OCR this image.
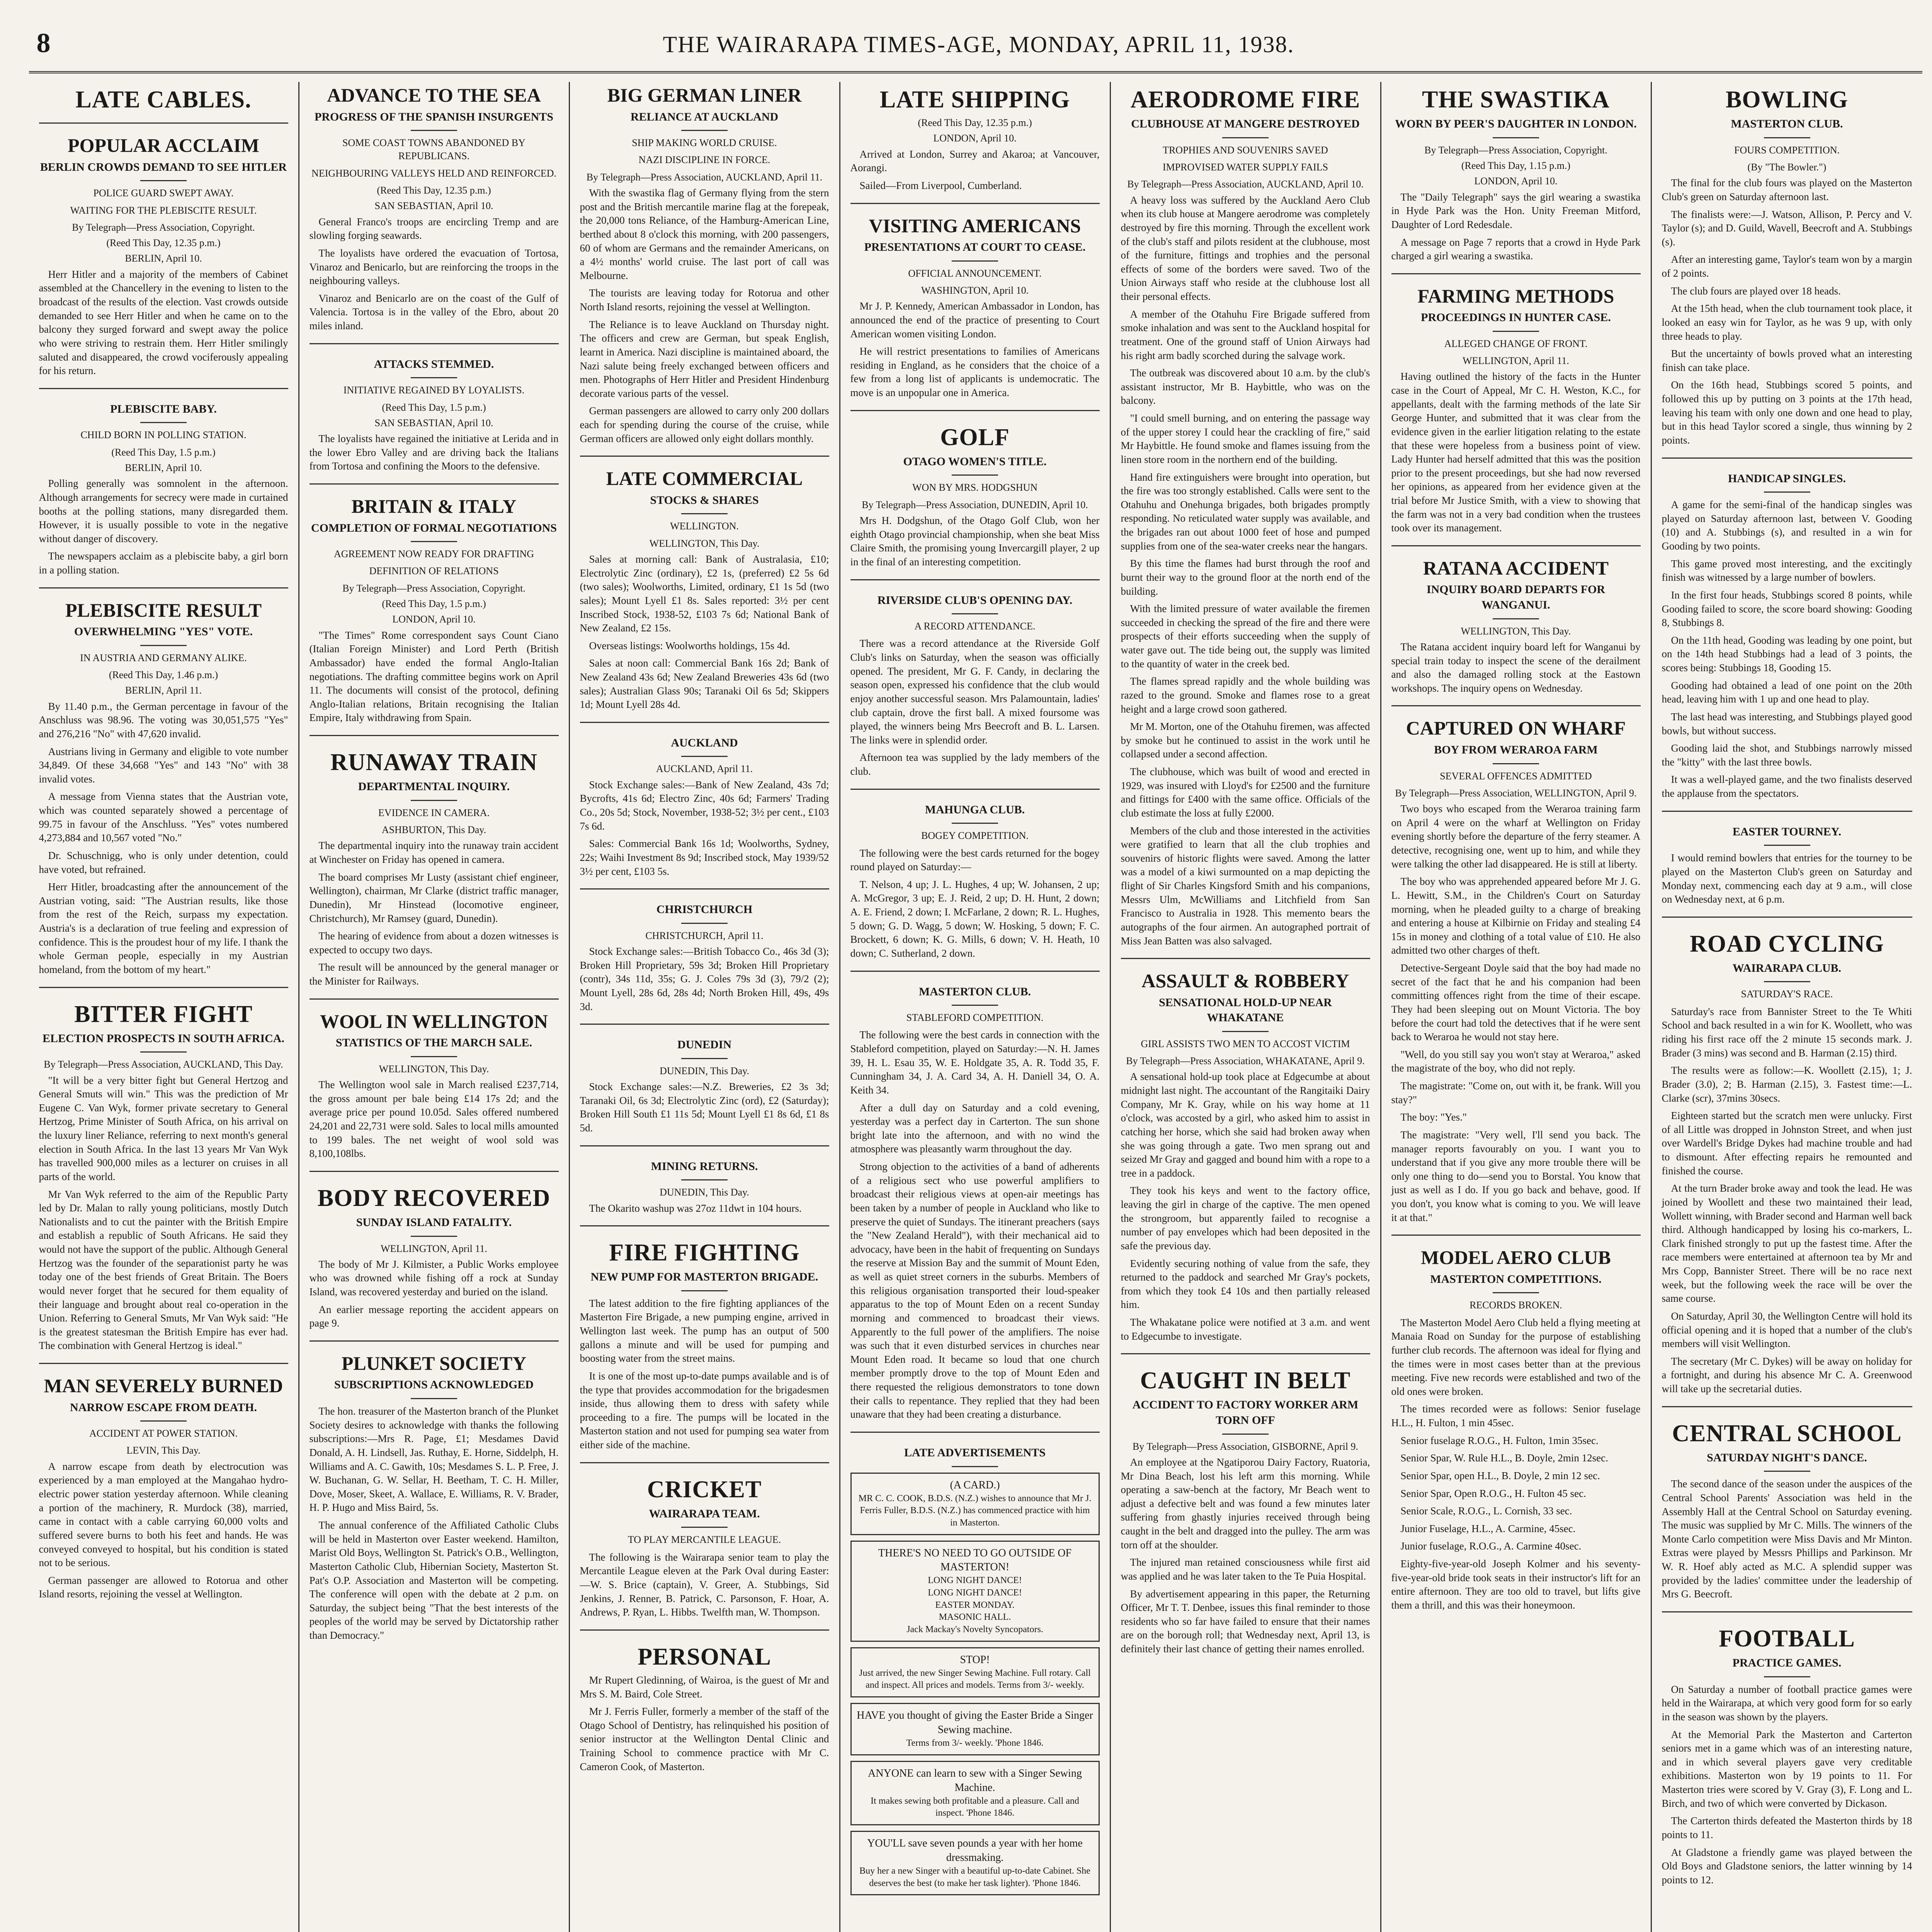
8	THE WAIRARAPA TIMES-AGE, MONDAY, APRIL 11, 1938.
LATE CABLES.
POPULAR ACCLAIM
BERLIN CROWDS DEMAND TO SEE HITLER
POLICE GUARD SWEPT AWAY.
WAITING FOR THE PLEBISCITE RESULT.
By Telegraph—Press Association, Copyright.
(Reed This Day, 12.35 p.m.)
BERLIN, April 10.

Herr Hitler and a majority of the members of Cabinet assembled at the Chancellery in the evening to listen to the broadcast of the results of the election. Vast crowds outside demanded to see Herr Hitler and when he came on to the balcony they surged forward and swept away the police who were striving to restrain them. Herr Hitler smilingly saluted and disappeared, the crowd vociferously appealing for his return.

PLEBISCITE BABY.
CHILD BORN IN POLLING STATION.
(Reed This Day, 1.5 p.m.)
BERLIN, April 10.

Polling generally was somnolent in the afternoon. Although arrangements for secrecy were made in curtained booths at the polling stations, many disregarded them. However, it is usually possible to vote in the negative without danger of discovery.

The newspapers acclaim as a plebiscite baby, a girl born in a polling station.

PLEBISCITE RESULT
OVERWHELMING "YES" VOTE.
IN AUSTRIA AND GERMANY ALIKE.
(Reed This Day, 1.46 p.m.)
BERLIN, April 11.

By 11.40 p.m., the German percentage in favour of the Anschluss was 98.96. The voting was 30,051,575 "Yes" and 276,216 "No" with 47,620 invalid.

Austrians living in Germany and eligible to vote number 34,849. Of these 34,668 "Yes" and 143 "No" with 38 invalid votes.

A message from Vienna states that the Austrian vote, which was counted separately showed a percentage of 99.75 in favour of the Anschluss. "Yes" votes numbered 4,273,884 and 10,567 voted "No."

Dr. Schuschnigg, who is only under detention, could have voted, but refrained.

Herr Hitler, broadcasting after the announcement of the Austrian voting, said: "The Austrian results, like those from the rest of the Reich, surpass my expectation. Austria's is a declaration of true feeling and expression of confidence. This is the proudest hour of my life. I thank the whole German people, especially in my Austrian homeland, from the bottom of my heart."

BITTER FIGHT
ELECTION PROSPECTS IN SOUTH AFRICA.
By Telegraph—Press Association, AUCKLAND, This Day.

"It will be a very bitter fight but General Hertzog and General Smuts will win." This was the prediction of Mr Eugene C. Van Wyk, former private secretary to General Hertzog, Prime Minister of South Africa, on his arrival on the luxury liner Reliance, referring to next month's general election in South Africa. In the last 13 years Mr Van Wyk has travelled 900,000 miles as a lecturer on cruises in all parts of the world.

Mr Van Wyk referred to the aim of the Republic Party led by Dr. Malan to rally young politicians, mostly Dutch Nationalists and to cut the painter with the British Empire and establish a republic of South Africans. He said they would not have the support of the public. Although General Hertzog was the founder of the separationist party he was today one of the best friends of Great Britain. The Boers would never forget that he secured for them equality of their language and brought about real co-operation in the Union. Referring to General Smuts, Mr Van Wyk said: "He is the greatest statesman the British Empire has ever had. The combination with General Hertzog is ideal."

MAN SEVERELY BURNED
NARROW ESCAPE FROM DEATH.
ACCIDENT AT POWER STATION.
LEVIN, This Day.

A narrow escape from death by electrocution was experienced by a man employed at the Mangahao hydro-electric power station yesterday afternoon. While cleaning a portion of the machinery, R. Murdock (38), married, came in contact with a cable carrying 60,000 volts and suffered severe burns to both his feet and hands. He was conveyed conveyed to hospital, but his condition is stated not to be serious.

German passenger are allowed to Rotorua and other Island resorts, rejoining the vessel at Wellington.

ADVANCE TO THE SEA
PROGRESS OF THE SPANISH INSURGENTS
SOME COAST TOWNS ABANDONED BY REPUBLICANS.
NEIGHBOURING VALLEYS HELD AND REINFORCED.
(Reed This Day, 12.35 p.m.)
SAN SEBASTIAN, April 10.

General Franco's troops are encircling Tremp and are slowling forging seawards.

The loyalists have ordered the evacuation of Tortosa, Vinaroz and Benicarlo, but are reinforcing the troops in the neighbouring valleys.

Vinaroz and Benicarlo are on the coast of the Gulf of Valencia. Tortosa is in the valley of the Ebro, about 20 miles inland.

ATTACKS STEMMED.
INITIATIVE REGAINED BY LOYALISTS.
(Reed This Day, 1.5 p.m.)
SAN SEBASTIAN, April 10.

The loyalists have regained the initiative at Lerida and in the lower Ebro Valley and are driving back the Italians from Tortosa and confining the Moors to the defensive.

BRITAIN & ITALY
COMPLETION OF FORMAL NEGOTIATIONS
AGREEMENT NOW READY FOR DRAFTING
DEFINITION OF RELATIONS
By Telegraph—Press Association, Copyright.
(Reed This Day, 1.5 p.m.)
LONDON, April 10.

"The Times" Rome correspondent says Count Ciano (Italian Foreign Minister) and Lord Perth (British Ambassador) have ended the formal Anglo-Italian negotiations. The drafting committee begins work on April 11. The documents will consist of the protocol, defining Anglo-Italian relations, Britain recognising the Italian Empire, Italy withdrawing from Spain.

RUNAWAY TRAIN
DEPARTMENTAL INQUIRY.
EVIDENCE IN CAMERA.
ASHBURTON, This Day.

The departmental inquiry into the runaway train accident at Winchester on Friday has opened in camera.

The board comprises Mr Lusty (assistant chief engineer, Wellington), chairman, Mr Clarke (district traffic manager, Dunedin), Mr Hinstead (locomotive engineer, Christchurch), Mr Ramsey (guard, Dunedin).

The hearing of evidence from about a dozen witnesses is expected to occupy two days.

The result will be announced by the general manager or the Minister for Railways.

WOOL IN WELLINGTON
STATISTICS OF THE MARCH SALE.
WELLINGTON, This Day.

The Wellington wool sale in March realised £237,714, the gross amount per bale being £14 17s 2d; and the average price per pound 10.05d. Sales offered numbered 24,201 and 22,731 were sold. Sales to local mills amounted to 199 bales. The net weight of wool sold was 8,100,108lbs.

BODY RECOVERED
SUNDAY ISLAND FATALITY.
WELLINGTON, April 11.

The body of Mr J. Kilmister, a Public Works employee who was drowned while fishing off a rock at Sunday Island, was recovered yesterday and buried on the island.

An earlier message reporting the accident appears on page 9.

PLUNKET SOCIETY
SUBSCRIPTIONS ACKNOWLEDGED

The hon. treasurer of the Masterton branch of the Plunket Society desires to acknowledge with thanks the following subscriptions:—Mrs R. Page, £1; Mesdames David Donald, A. H. Lindsell, Jas. Ruthay, E. Horne, Siddelph, H. Williams and A. C. Gawith, 10s; Mesdames S. L. P. Free, J. W. Buchanan, G. W. Sellar, H. Beetham, T. C. H. Miller, Dove, Moser, Skeet, A. Wallace, E. Williams, R. V. Brader, H. P. Hugo and Miss Baird, 5s.

The annual conference of the Affiliated Catholic Clubs will be held in Masterton over Easter weekend. Hamilton, Marist Old Boys, Wellington St. Patrick's O.B., Wellington, Masterton Catholic Club, Hibernian Society, Masterton St. Pat's O.P. Association and Masterton will be competing. The conference will open with the debate at 2 p.m. on Saturday, the subject being "That the best interests of the peoples of the world may be served by Dictatorship rather than Democracy."

BIG GERMAN LINER
RELIANCE AT AUCKLAND
SHIP MAKING WORLD CRUISE.
NAZI DISCIPLINE IN FORCE.
By Telegraph—Press Association, AUCKLAND, April 11.

With the swastika flag of Germany flying from the stern post and the British mercantile marine flag at the forepeak, the 20,000 tons Reliance, of the Hamburg-American Line, berthed about 8 o'clock this morning, with 200 passengers, 60 of whom are Germans and the remainder Americans, on a 4½ months' world cruise. The last port of call was Melbourne.

The tourists are leaving today for Rotorua and other North Island resorts, rejoining the vessel at Wellington.

The Reliance is to leave Auckland on Thursday night. The officers and crew are German, but speak English, learnt in America. Nazi discipline is maintained aboard, the Nazi salute being freely exchanged between officers and men. Photographs of Herr Hitler and President Hindenburg decorate various parts of the vessel.

German passengers are allowed to carry only 200 dollars each for spending during the course of the cruise, while German officers are allowed only eight dollars monthly.

LATE COMMERCIAL
STOCKS & SHARES
WELLINGTON.
WELLINGTON, This Day.

Sales at morning call: Bank of Australasia, £10; Electrolytic Zinc (ordinary), £2 1s, (preferred) £2 5s 6d (two sales); Woolworths, Limited, ordinary, £1 1s 5d (two sales); Mount Lyell £1 8s. Sales reported: 3½ per cent Inscribed Stock, 1938-52, £103 7s 6d; National Bank of New Zealand, £2 15s.

Overseas listings: Woolworths holdings, 15s 4d.

Sales at noon call: Commercial Bank 16s 2d; Bank of New Zealand 43s 6d; New Zealand Breweries 43s 6d (two sales); Australian Glass 90s; Taranaki Oil 6s 5d; Skippers 1d; Mount Lyell 28s 4d.

AUCKLAND
AUCKLAND, April 11.

Stock Exchange sales:—Bank of New Zealand, 43s 7d; Bycrofts, 41s 6d; Electro Zinc, 40s 6d; Farmers' Trading Co., 20s 5d; Stock, November, 1938-52; 3½ per cent., £103 7s 6d.

Sales: Commercial Bank 16s 1d; Woolworths, Sydney, 22s; Waihi Investment 8s 9d; Inscribed stock, May 1939/52 3½ per cent, £103 5s.

CHRISTCHURCH
CHRISTCHURCH, April 11.

Stock Exchange sales:—British Tobacco Co., 46s 3d (3); Broken Hill Proprietary, 59s 3d; Broken Hill Proprietary (contr), 34s 11d, 35s; G. J. Coles 79s 3d (3), 79/2 (2); Mount Lyell, 28s 6d, 28s 4d; North Broken Hill, 49s, 49s 3d.

DUNEDIN
DUNEDIN, This Day.

Stock Exchange sales:—N.Z. Breweries, £2 3s 3d; Taranaki Oil, 6s 3d; Electrolytic Zinc (ord), £2 (Saturday); Broken Hill South £1 11s 5d; Mount Lyell £1 8s 6d, £1 8s 5d.

MINING RETURNS.
DUNEDIN, This Day.

The Okarito washup was 27oz 11dwt in 104 hours.

FIRE FIGHTING
NEW PUMP FOR MASTERTON BRIGADE.

The latest addition to the fire fighting appliances of the Masterton Fire Brigade, a new pumping engine, arrived in Wellington last week. The pump has an output of 500 gallons a minute and will be used for pumping and boosting water from the street mains.

It is one of the most up-to-date pumps available and is of the type that provides accommodation for the brigadesmen inside, thus allowing them to dress with safety while proceeding to a fire. The pumps will be located in the Masterton station and not used for pumping sea water from either side of the machine.

CRICKET
WAIRARAPA TEAM.
TO PLAY MERCANTILE LEAGUE.

The following is the Wairarapa senior team to play the Mercantile League eleven at the Park Oval during Easter:—W. S. Brice (captain), V. Greer, A. Stubbings, Sid Jenkins, J. Renner, B. Patrick, C. Parsonson, F. Hoar, A. Andrews, P. Ryan, L. Hibbs. Twelfth man, W. Thompson.

PERSONAL

Mr Rupert Gledinning, of Wairoa, is the guest of Mr and Mrs S. M. Baird, Cole Street.

Mr J. Ferris Fuller, formerly a member of the staff of the Otago School of Dentistry, has relinquished his position of senior instructor at the Wellington Dental Clinic and Training School to commence practice with Mr C. Cameron Cook, of Masterton.

LATE SHIPPING
(Reed This Day, 12.35 p.m.)
LONDON, April 10.

Arrived at London, Surrey and Akaroa; at Vancouver, Aorangi.

Sailed—From Liverpool, Cumberland.

VISITING AMERICANS
PRESENTATIONS AT COURT TO CEASE.
OFFICIAL ANNOUNCEMENT.
WASHINGTON, April 10.

Mr J. P. Kennedy, American Ambassador in London, has announced the end of the practice of presenting to Court American women visiting London.

He will restrict presentations to families of Americans residing in England, as he considers that the choice of a few from a long list of applicants is undemocratic. The move is an unpopular one in America.

GOLF
OTAGO WOMEN'S TITLE.
WON BY MRS. HODGSHUN
By Telegraph—Press Association, DUNEDIN, April 10.

Mrs H. Dodgshun, of the Otago Golf Club, won her eighth Otago provincial championship, when she beat Miss Claire Smith, the promising young Invercargill player, 2 up in the final of an interesting competition.

RIVERSIDE CLUB'S OPENING DAY.
A RECORD ATTENDANCE.

There was a record attendance at the Riverside Golf Club's links on Saturday, when the season was officially opened. The president, Mr G. F. Candy, in declaring the season open, expressed his confidence that the club would enjoy another successful season. Mrs Palamountain, ladies' club captain, drove the first ball. A mixed foursome was played, the winners being Mrs Beecroft and B. L. Larsen. The links were in splendid order.

Afternoon tea was supplied by the lady members of the club.

MAHUNGA CLUB.
BOGEY COMPETITION.

The following were the best cards returned for the bogey round played on Saturday:—

T. Nelson, 4 up; J. L. Hughes, 4 up; W. Johansen, 2 up; A. McGregor, 3 up; E. J. Reid, 2 up; D. H. Hunt, 2 down; A. E. Friend, 2 down; I. McFarlane, 2 down; R. L. Hughes, 5 down; G. D. Wagg, 5 down; W. Hosking, 5 down; F. C. Brockett, 6 down; K. G. Mills, 6 down; V. H. Heath, 10 down; C. Sutherland, 2 down.

MASTERTON CLUB.
STABLEFORD COMPETITION.

The following were the best cards in connection with the Stableford competition, played on Saturday:—N. H. James 39, H. L. Esau 35, W. E. Holdgate 35, A. R. Todd 35, F. Cunningham 34, J. A. Card 34, A. H. Daniell 34, O. A. Keith 34.

After a dull day on Saturday and a cold evening, yesterday was a perfect day in Carterton. The sun shone bright late into the afternoon, and with no wind the atmosphere was pleasantly warm throughout the day.

Strong objection to the activities of a band of adherents of a religious sect who use powerful amplifiers to broadcast their religious views at open-air meetings has been taken by a number of people in Auckland who like to preserve the quiet of Sundays. The itinerant preachers (says the "New Zealand Herald"), with their mechanical aid to advocacy, have been in the habit of frequenting on Sundays the reserve at Mission Bay and the summit of Mount Eden, as well as quiet street corners in the suburbs. Members of this religious organisation transported their loud-speaker apparatus to the top of Mount Eden on a recent Sunday morning and commenced to broadcast their views. Apparently to the full power of the amplifiers. The noise was such that it even disturbed services in churches near Mount Eden road. It became so loud that one church member promptly drove to the top of Mount Eden and there requested the religious demonstrators to tone down their calls to repentance. They replied that they had been unaware that they had been creating a disturbance.

LATE ADVERTISEMENTS
(A CARD.)
MR C. C. COOK, B.D.S. (N.Z.) wishes to announce that Mr J. Ferris Fuller, B.D.S. (N.Z.) has commenced practice with him in Masterton.
THERE'S NO NEED TO GO OUTSIDE OF MASTERTON!
LONG NIGHT DANCE!
LONG NIGHT DANCE!
EASTER MONDAY.
MASONIC HALL.
Jack Mackay's Novelty Syncopators.
STOP!
Just arrived, the new Singer Sewing Machine. Full rotary. Call and inspect. All prices and models. Terms from 3/- weekly.
HAVE you thought of giving the Easter Bride a Singer Sewing machine.
Terms from 3/- weekly. 'Phone 1846.
ANYONE can learn to sew with a Singer Sewing Machine.
It makes sewing both profitable and a pleasure. Call and inspect. 'Phone 1846.
YOU'LL save seven pounds a year with her home dressmaking.
Buy her a new Singer with a beautiful up-to-date Cabinet. She deserves the best (to make her task lighter). 'Phone 1846.
AERODROME FIRE
CLUBHOUSE AT MANGERE DESTROYED
TROPHIES AND SOUVENIRS SAVED
IMPROVISED WATER SUPPLY FAILS
By Telegraph—Press Association, AUCKLAND, April 10.

A heavy loss was suffered by the Auckland Aero Club when its club house at Mangere aerodrome was completely destroyed by fire this morning. Through the excellent work of the club's staff and pilots resident at the clubhouse, most of the furniture, fittings and trophies and the personal effects of some of the borders were saved. Two of the Union Airways staff who reside at the clubhouse lost all their personal effects.

A member of the Otahuhu Fire Brigade suffered from smoke inhalation and was sent to the Auckland hospital for treatment. One of the ground staff of Union Airways had his right arm badly scorched during the salvage work.

The outbreak was discovered about 10 a.m. by the club's assistant instructor, Mr B. Haybittle, who was on the balcony.

"I could smell burning, and on entering the passage way of the upper storey I could hear the crackling of fire," said Mr Haybittle. He found smoke and flames issuing from the linen store room in the northern end of the building.

Hand fire extinguishers were brought into operation, but the fire was too strongly established. Calls were sent to the Otahuhu and Onehunga brigades, both brigades promptly responding. No reticulated water supply was available, and the brigades ran out about 1000 feet of hose and pumped supplies from one of the sea-water creeks near the hangars.

By this time the flames had burst through the roof and burnt their way to the ground floor at the north end of the building.

With the limited pressure of water available the firemen succeeded in checking the spread of the fire and there were prospects of their efforts succeeding when the supply of water gave out. The tide being out, the supply was limited to the quantity of water in the creek bed.

The flames spread rapidly and the whole building was razed to the ground. Smoke and flames rose to a great height and a large crowd soon gathered.

Mr M. Morton, one of the Otahuhu firemen, was affected by smoke but he continued to assist in the work until he collapsed under a second affection.

The clubhouse, which was built of wood and erected in 1929, was insured with Lloyd's for £2500 and the furniture and fittings for £400 with the same office. Officials of the club estimate the loss at fully £2000.

Members of the club and those interested in the activities were gratified to learn that all the club trophies and souvenirs of historic flights were saved. Among the latter was a model of a kiwi surmounted on a map depicting the flight of Sir Charles Kingsford Smith and his companions, Messrs Ulm, McWilliams and Litchfield from San Francisco to Australia in 1928. This memento bears the autographs of the four airmen. An autographed portrait of Miss Jean Batten was also salvaged.

ASSAULT & ROBBERY
SENSATIONAL HOLD-UP NEAR WHAKATANE
GIRL ASSISTS TWO MEN TO ACCOST VICTIM
By Telegraph—Press Association, WHAKATANE, April 9.

A sensational hold-up took place at Edgecumbe at about midnight last night. The accountant of the Rangitaiki Dairy Company, Mr K. Gray, while on his way home at 11 o'clock, was accosted by a girl, who asked him to assist in catching her horse, which she said had broken away when she was going through a gate. Two men sprang out and seized Mr Gray and gagged and bound him with a rope to a tree in a paddock.

They took his keys and went to the factory office, leaving the girl in charge of the captive. The men opened the strongroom, but apparently failed to recognise a number of pay envelopes which had been deposited in the safe the previous day.

Evidently securing nothing of value from the safe, they returned to the paddock and searched Mr Gray's pockets, from which they took £4 10s and then partially released him.

The Whakatane police were notified at 3 a.m. and went to Edgecumbe to investigate.

CAUGHT IN BELT
ACCIDENT TO FACTORY WORKER ARM TORN OFF
By Telegraph—Press Association, GISBORNE, April 9.

An employee at the Ngatiporou Dairy Factory, Ruatoria, Mr Dina Beach, lost his left arm this morning. While operating a saw-bench at the factory, Mr Beach went to adjust a defective belt and was found a few minutes later suffering from ghastly injuries received through being caught in the belt and dragged into the pulley. The arm was torn off at the shoulder.

The injured man retained consciousness while first aid was applied and he was later taken to the Te Puia Hospital.

By advertisement appearing in this paper, the Returning Officer, Mr T. T. Denbee, issues this final reminder to those residents who so far have failed to ensure that their names are on the borough roll; that Wednesday next, April 13, is definitely their last chance of getting their names enrolled.

THE SWASTIKA
WORN BY PEER'S DAUGHTER IN LONDON.
By Telegraph—Press Association, Copyright.
(Reed This Day, 1.15 p.m.)
LONDON, April 10.

The "Daily Telegraph" says the girl wearing a swastika in Hyde Park was the Hon. Unity Freeman Mitford, Daughter of Lord Redesdale.

A message on Page 7 reports that a crowd in Hyde Park charged a girl wearing a swastika.

FARMING METHODS
PROCEEDINGS IN HUNTER CASE.
ALLEGED CHANGE OF FRONT.
WELLINGTON, April 11.

Having outlined the history of the facts in the Hunter case in the Court of Appeal, Mr C. H. Weston, K.C., for appellants, dealt with the farming methods of the late Sir George Hunter, and submitted that it was clear from the evidence given in the earlier litigation relating to the estate that these were hopeless from a business point of view. Lady Hunter had herself admitted that this was the position prior to the present proceedings, but she had now reversed her opinions, as appeared from her evidence given at the trial before Mr Justice Smith, with a view to showing that the farm was not in a very bad condition when the trustees took over its management.

RATANA ACCIDENT
INQUIRY BOARD DEPARTS FOR WANGANUI.
WELLINGTON, This Day.

The Ratana accident inquiry board left for Wanganui by special train today to inspect the scene of the derailment and also the damaged rolling stock at the Eastown workshops. The inquiry opens on Wednesday.

CAPTURED ON WHARF
BOY FROM WERAROA FARM
SEVERAL OFFENCES ADMITTED
By Telegraph—Press Association, WELLINGTON, April 9.

Two boys who escaped from the Weraroa training farm on April 4 were on the wharf at Wellington on Friday evening shortly before the departure of the ferry steamer. A detective, recognising one, went up to him, and while they were talking the other lad disappeared. He is still at liberty.

The boy who was apprehended appeared before Mr J. G. L. Hewitt, S.M., in the Children's Court on Saturday morning, when he pleaded guilty to a charge of breaking and entering a house at Kilbirnie on Friday and stealing £4 15s in money and clothing of a total value of £10. He also admitted two other charges of theft.

Detective-Sergeant Doyle said that the boy had made no secret of the fact that he and his companion had been committing offences right from the time of their escape. They had been sleeping out on Mount Victoria. The boy before the court had told the detectives that if he were sent back to Weraroa he would not stay here.

"Well, do you still say you won't stay at Weraroa," asked the magistrate of the boy, who did not reply.

The magistrate: "Come on, out with it, be frank. Will you stay?"

The boy: "Yes."

The magistrate: "Very well, I'll send you back. The manager reports favourably on you. I want you to understand that if you give any more trouble there will be only one thing to do—send you to Borstal. You know that just as well as I do. If you go back and behave, good. If you don't, you know what is coming to you. We will leave it at that."

MODEL AERO CLUB
MASTERTON COMPETITIONS.
RECORDS BROKEN.

The Masterton Model Aero Club held a flying meeting at Manaia Road on Sunday for the purpose of establishing further club records. The afternoon was ideal for flying and the times were in most cases better than at the previous meeting. Five new records were established and two of the old ones were broken.

The times recorded were as follows: Senior fuselage H.L., H. Fulton, 1 min 45sec.

Senior fuselage R.O.G., H. Fulton, 1min 35sec.

Senior Spar, W. Rule H.L., B. Doyle, 2min 12sec.

Senior Spar, open H.L., B. Doyle, 2 min 12 sec.

Senior Spar, Open R.O.G., H. Fulton 45 sec.

Senior Scale, R.O.G., L. Cornish, 33 sec.

Junior Fuselage, H.L., A. Carmine, 45sec.

Junior fuselage, R.O.G., A. Carmine 40sec.

Eighty-five-year-old Joseph Kolmer and his seventy-five-year-old bride took seats in their instructor's lift for an entire afternoon. They are too old to travel, but lifts give them a thrill, and this was their honeymoon.

BOWLING
MASTERTON CLUB.
FOURS COMPETITION.
(By "The Bowler.")

The final for the club fours was played on the Masterton Club's green on Saturday afternoon last.

The finalists were:—J. Watson, Allison, P. Percy and V. Taylor (s); and D. Guild, Wavell, Beecroft and A. Stubbings (s).

After an interesting game, Taylor's team won by a margin of 2 points.

The club fours are played over 18 heads.

At the 15th head, when the club tournament took place, it looked an easy win for Taylor, as he was 9 up, with only three heads to play.

But the uncertainty of bowls proved what an interesting finish can take place.

On the 16th head, Stubbings scored 5 points, and followed this up by putting on 3 points at the 17th head, leaving his team with only one down and one head to play, but in this head Taylor scored a single, thus winning by 2 points.

HANDICAP SINGLES.

A game for the semi-final of the handicap singles was played on Saturday afternoon last, between V. Gooding (10) and A. Stubbings (s), and resulted in a win for Gooding by two points.

This game proved most interesting, and the excitingly finish was witnessed by a large number of bowlers.

In the first four heads, Stubbings scored 8 points, while Gooding failed to score, the score board showing: Gooding 8, Stubbings 8.

On the 11th head, Gooding was leading by one point, but on the 14th head Stubbings had a lead of 3 points, the scores being: Stubbings 18, Gooding 15.

Gooding had obtained a lead of one point on the 20th head, leaving him with 1 up and one head to play.

The last head was interesting, and Stubbings played good bowls, but without success.

Gooding laid the shot, and Stubbings narrowly missed the "kitty" with the last three bowls.

It was a well-played game, and the two finalists deserved the applause from the spectators.

EASTER TOURNEY.

I would remind bowlers that entries for the tourney to be played on the Masterton Club's green on Saturday and Monday next, commencing each day at 9 a.m., will close on Wednesday next, at 6 p.m.

ROAD CYCLING
WAIRARAPA CLUB.
SATURDAY'S RACE.

Saturday's race from Bannister Street to the Te Whiti School and back resulted in a win for K. Woollett, who was riding his first race off the 2 minute 15 seconds mark. J. Brader (3 mins) was second and B. Harman (2.15) third.

The results were as follow:—K. Woollett (2.15), 1; J. Brader (3.0), 2; B. Harman (2.15), 3. Fastest time:—L. Clarke (scr), 37mins 30secs.

Eighteen started but the scratch men were unlucky. First of all Little was dropped in Johnston Street, and when just over Wardell's Bridge Dykes had machine trouble and had to dismount. After effecting repairs he remounted and finished the course.

At the turn Brader broke away and took the lead. He was joined by Woollett and these two maintained their lead, Wollett winning, with Brader second and Harman well back third. Although handicapped by losing his co-markers, L. Clark finished strongly to put up the fastest time. After the race members were entertained at afternoon tea by Mr and Mrs Copp, Bannister Street. There will be no race next week, but the following week the race will be over the same course.

On Saturday, April 30, the Wellington Centre will hold its official opening and it is hoped that a number of the club's members will visit Wellington.

The secretary (Mr C. Dykes) will be away on holiday for a fortnight, and during his absence Mr C. A. Greenwood will take up the secretarial duties.

CENTRAL SCHOOL
SATURDAY NIGHT'S DANCE.

The second dance of the season under the auspices of the Central School Parents' Association was held in the Assembly Hall at the Central School on Saturday evening. The music was supplied by Mr C. Mills. The winners of the Monte Carlo competition were Miss Davis and Mr Minton. Extras were played by Messrs Phillips and Parkinson. Mr W. R. Hoef ably acted as M.C. A splendid supper was provided by the ladies' committee under the leadership of Mrs G. Beecroft.

FOOTBALL
PRACTICE GAMES.

On Saturday a number of football practice games were held in the Wairarapa, at which very good form for so early in the season was shown by the players.

At the Memorial Park the Masterton and Carterton seniors met in a game which was of an interesting nature, and in which several players gave very creditable exhibitions. Masterton won by 19 points to 11. For Masterton tries were scored by V. Gray (3), F. Long and L. Birch, and two of which were converted by Dickason.

The Carterton thirds defeated the Masterton thirds by 18 points to 11.

At Gladstone a friendly game was played between the Old Boys and Gladstone seniors, the latter winning by 14 points to 12.
